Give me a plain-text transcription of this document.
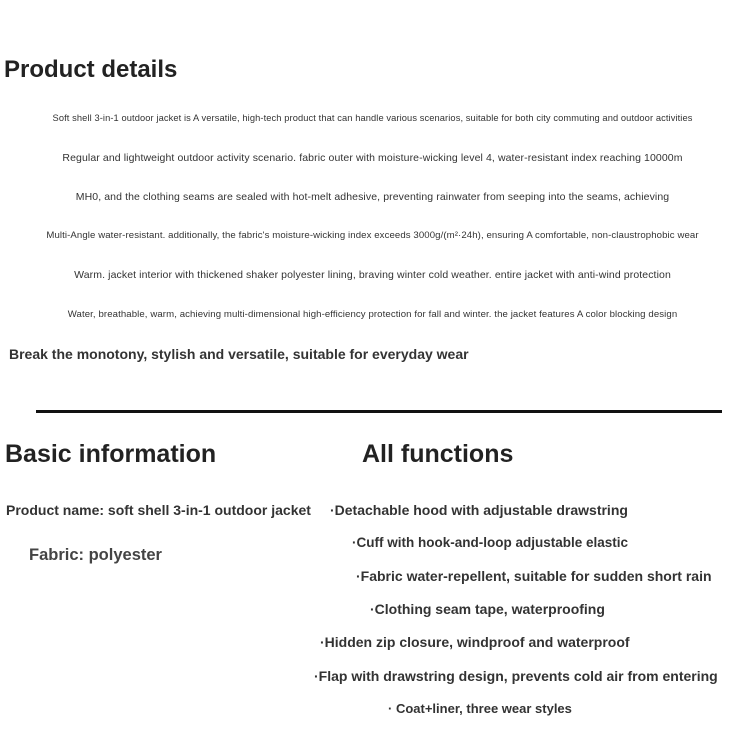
Product details
Soft shell 3-in-1 outdoor jacket is A versatile, high-tech product that can handle various scenarios, suitable for both city commuting and outdoor activities
Regular and lightweight outdoor activity scenario. fabric outer with moisture-wicking level 4, water-resistant index reaching 10000m
MH0, and the clothing seams are sealed with hot-melt adhesive, preventing rainwater from seeping into the seams, achieving
Multi-Angle water-resistant. additionally, the fabric's moisture-wicking index exceeds 3000g/(m²·24h), ensuring A comfortable, non-claustrophobic wear
Warm. jacket interior with thickened shaker polyester lining, braving winter cold weather. entire jacket with anti-wind protection
Water, breathable, warm, achieving multi-dimensional high-efficiency protection for fall and winter. the jacket features A color blocking design
Break the monotony, stylish and versatile, suitable for everyday wear
Basic information	All functions
Product name: soft shell 3-in-1 outdoor jacket
Fabric: polyester
·Detachable hood with adjustable drawstring
·Cuff with hook-and-loop adjustable elastic
·Fabric water-repellent, suitable for sudden short rain
·Clothing seam tape, waterproofing
·Hidden zip closure, windproof and waterproof
·Flap with drawstring design, prevents cold air from entering
· Coat+liner, three wear styles
